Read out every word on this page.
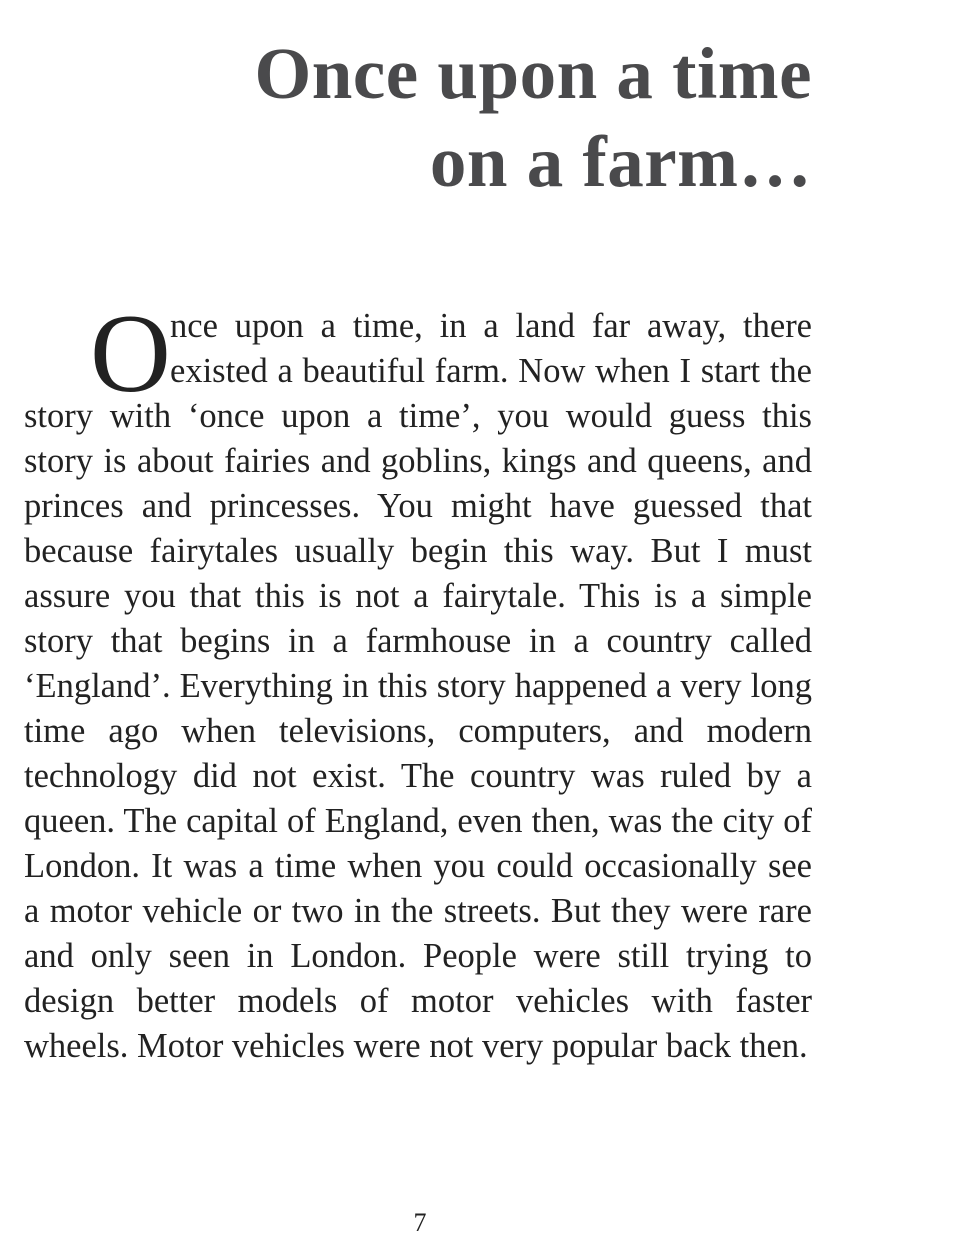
Once upon a time
on a farm…
O nce upon a time, in a land far away, there existed a beautiful farm. Now when I start the story with ‘once upon a time’, you would guess this story is about fairies and goblins, kings and queens, and princes and princesses. You might have guessed that because fairytales usually begin this way. But I must assure you that this is not a fairytale. This is a simple story that begins in a farmhouse in a country called ‘England’. Everything in this story happened a very long time ago when televisions, computers, and modern technology did not exist. The country was ruled by a queen. The capital of England, even then, was the city of London. It was a time when you could occasionally see a motor vehicle or two in the streets. But they were rare and only seen in London. People were still trying to design better models of motor vehicles with faster wheels. Motor vehicles were not very popular back then.
7
